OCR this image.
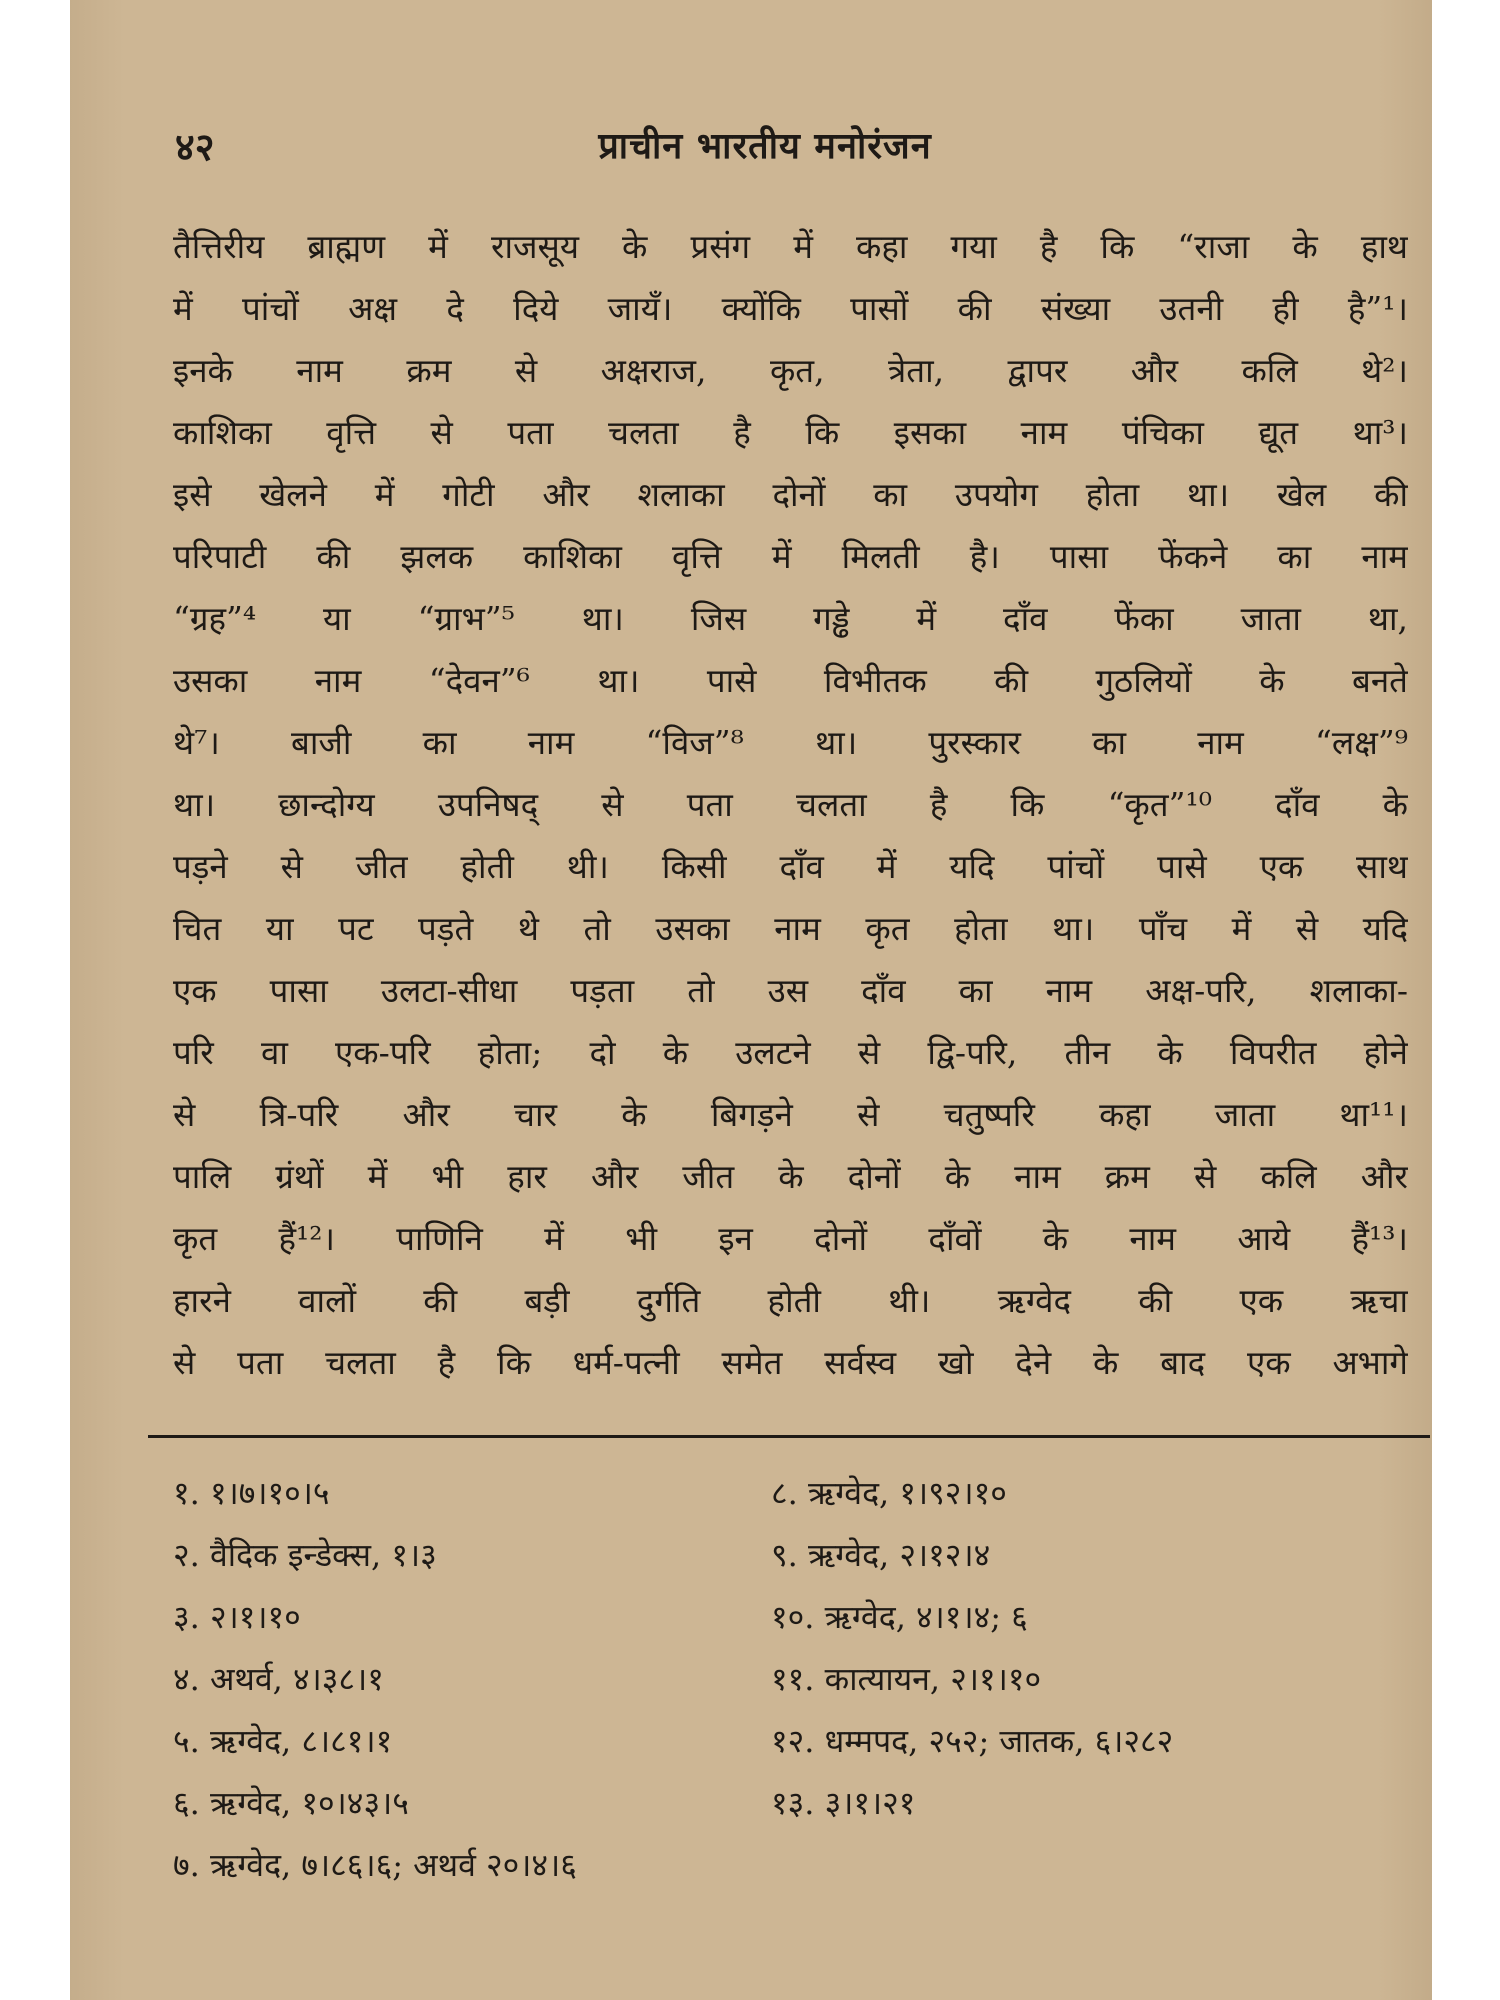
४२	प्राचीन भारतीय मनोरंजन
तैत्तिरीय ब्राह्मण में राजसूय के प्रसंग में कहा गया है कि “राजा के हाथ
में पांचों अक्ष दे दिये जायँ। क्योंकि पासों की संख्या उतनी ही है”¹।
इनके नाम क्रम से अक्षराज, कृत, त्रेता, द्वापर और कलि थे²।
काशिका वृत्ति से पता चलता है कि इसका नाम पंचिका द्यूत था³।
इसे खेलने में गोटी और शलाका दोनों का उपयोग होता था। खेल की
परिपाटी की झलक काशिका वृत्ति में मिलती है। पासा फेंकने का नाम
“ग्रह”⁴ या “ग्राभ”⁵ था। जिस गड्ढे में दाँव फेंका जाता था,
उसका नाम “देवन”⁶ था। पासे विभीतक की गुठलियों के बनते
थे⁷। बाजी का नाम “विज”⁸ था। पुरस्कार का नाम “लक्ष”⁹
था। छान्दोग्य उपनिषद् से पता चलता है कि “कृत”¹⁰ दाँव के
पड़ने से जीत होती थी। किसी दाँव में यदि पांचों पासे एक साथ
चित या पट पड़ते थे तो उसका नाम कृत होता था। पाँच में से यदि
एक पासा उलटा-सीधा पड़ता तो उस दाँव का नाम अक्ष-परि, शलाका-
परि वा एक-परि होता; दो के उलटने से द्वि-परि, तीन के विपरीत होने
से त्रि-परि और चार के बिगड़ने से चतुष्परि कहा जाता था¹¹।
पालि ग्रंथों में भी हार और जीत के दोनों के नाम क्रम से कलि और
कृत हैं¹²। पाणिनि में भी इन दोनों दाँवों के नाम आये हैं¹³।
हारने वालों की बड़ी दुर्गति होती थी। ऋग्वेद की एक ऋचा
से पता चलता है कि धर्म-पत्नी समेत सर्वस्व खो देने के बाद एक अभागे
१. १।७।१०।५	८. ऋग्वेद, १।९२।१०
२. वैदिक इन्डेक्स, १।३	९. ऋग्वेद, २।१२।४
३. २।१।१०	१०. ऋग्वेद, ४।१।४; ६
४. अथर्व, ४।३८।१	११. कात्यायन, २।१।१०
५. ऋग्वेद, ८।८१।१	१२. धम्मपद, २५२; जातक, ६।२८२
६. ऋग्वेद, १०।४३।५	१३. ३।१।२१
७. ऋग्वेद, ७।८६।६; अथर्व २०।४।६
